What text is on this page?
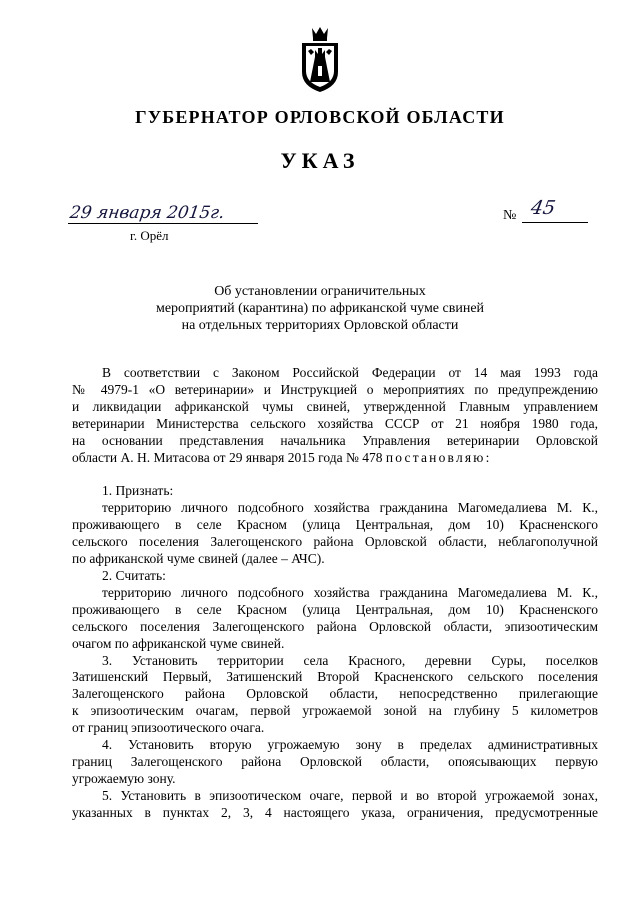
ГУБЕРНАТОР ОРЛОВСКОЙ ОБЛАСТИ
УКАЗ
29 января 2015г.
г. Орёл
№ 45
Об установлении ограничительных
мероприятий (карантина) по африканской чуме свиней
на отдельных территориях Орловской области
В соответствии с Законом Российской Федерации от 14 мая 1993 года
№ 4979-1 «О ветеринарии» и Инструкцией о мероприятиях по предупреждению
и ликвидации африканской чумы свиней, утвержденной Главным управлением
ветеринарии Министерства сельского хозяйства СССР от 21 ноября 1980 года,
на основании представления начальника Управления ветеринарии Орловской
области А. Н. Митасова от 29 января 2015 года № 478 постановляю:
1. Признать:
территорию личного подсобного хозяйства гражданина Магомедалиева М. К.,
проживающего в селе Красном (улица Центральная, дом 10) Красненского
сельского поселения Залегощенского района Орловской области, неблагополучной
по африканской чуме свиней (далее – АЧС).
2. Считать:
территорию личного подсобного хозяйства гражданина Магомедалиева М. К.,
проживающего в селе Красном (улица Центральная, дом 10) Красненского
сельского поселения Залегощенского района Орловской области, эпизоотическим
очагом по африканской чуме свиней.
3. Установить территории села Красного, деревни Суры, поселков
Затишенский Первый, Затишенский Второй Красненского сельского поселения
Залегощенского района Орловской области, непосредственно прилегающие
к эпизоотическим очагам, первой угрожаемой зоной на глубину 5 километров
от границ эпизоотического очага.
4. Установить вторую угрожаемую зону в пределах административных
границ Залегощенского района Орловской области, опоясывающих первую
угрожаемую зону.
5. Установить в эпизоотическом очаге, первой и во второй угрожаемой зонах,
указанных в пунктах 2, 3, 4 настоящего указа, ограничения, предусмотренные
